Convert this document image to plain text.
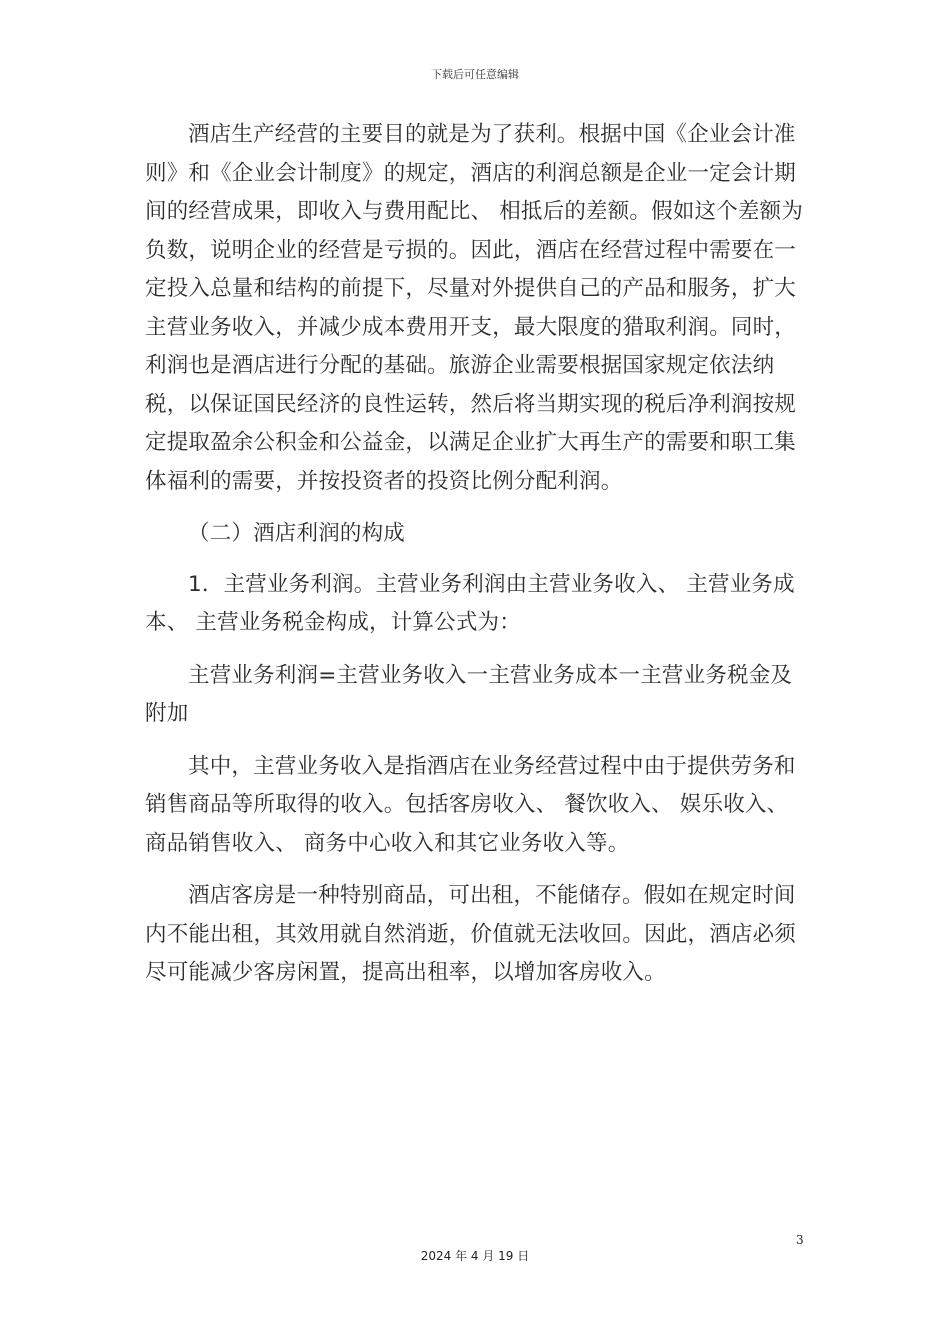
下载后可任意编辑

酒店生产经营的主要目的就是为了获利。根据中国《企业会计准则》和《企业会计制度》的规定，酒店的利润总额是企业一定会计期间的经营成果，即收入与费用配比、 相抵后的差额。假如这个差额为负数，说明企业的经营是亏损的。因此，酒店在经营过程中需要在一定投入总量和结构的前提下，尽量对外提供自己的产品和服务，扩大主营业务收入，并减少成本费用开支，最大限度的猎取利润。同时，利润也是酒店进行分配的基础。旅游企业需要根据国家规定依法纳税，以保证国民经济的良性运转，然后将当期实现的税后净利润按规定提取盈余公积金和公益金，以满足企业扩大再生产的需要和职工集体福利的需要，并按投资者的投资比例分配利润。

（二）酒店利润的构成

1．主营业务利润。主营业务利润由主营业务收入、 主营业务成本、 主营业务税金构成，计算公式为：

主营业务利润=主营业务收入一主营业务成本一主营业务税金及附加

其中，主营业务收入是指酒店在业务经营过程中由于提供劳务和销售商品等所取得的收入。包括客房收入、 餐饮收入、 娱乐收入、 商品销售收入、 商务中心收入和其它业务收入等。

酒店客房是一种特别商品，可出租，不能储存。假如在规定时间内不能出租，其效用就自然消逝，价值就无法收回。因此，酒店必须尽可能减少客房闲置，提高出租率，以增加客房收入。

3
2024 年 4 月 19 日
